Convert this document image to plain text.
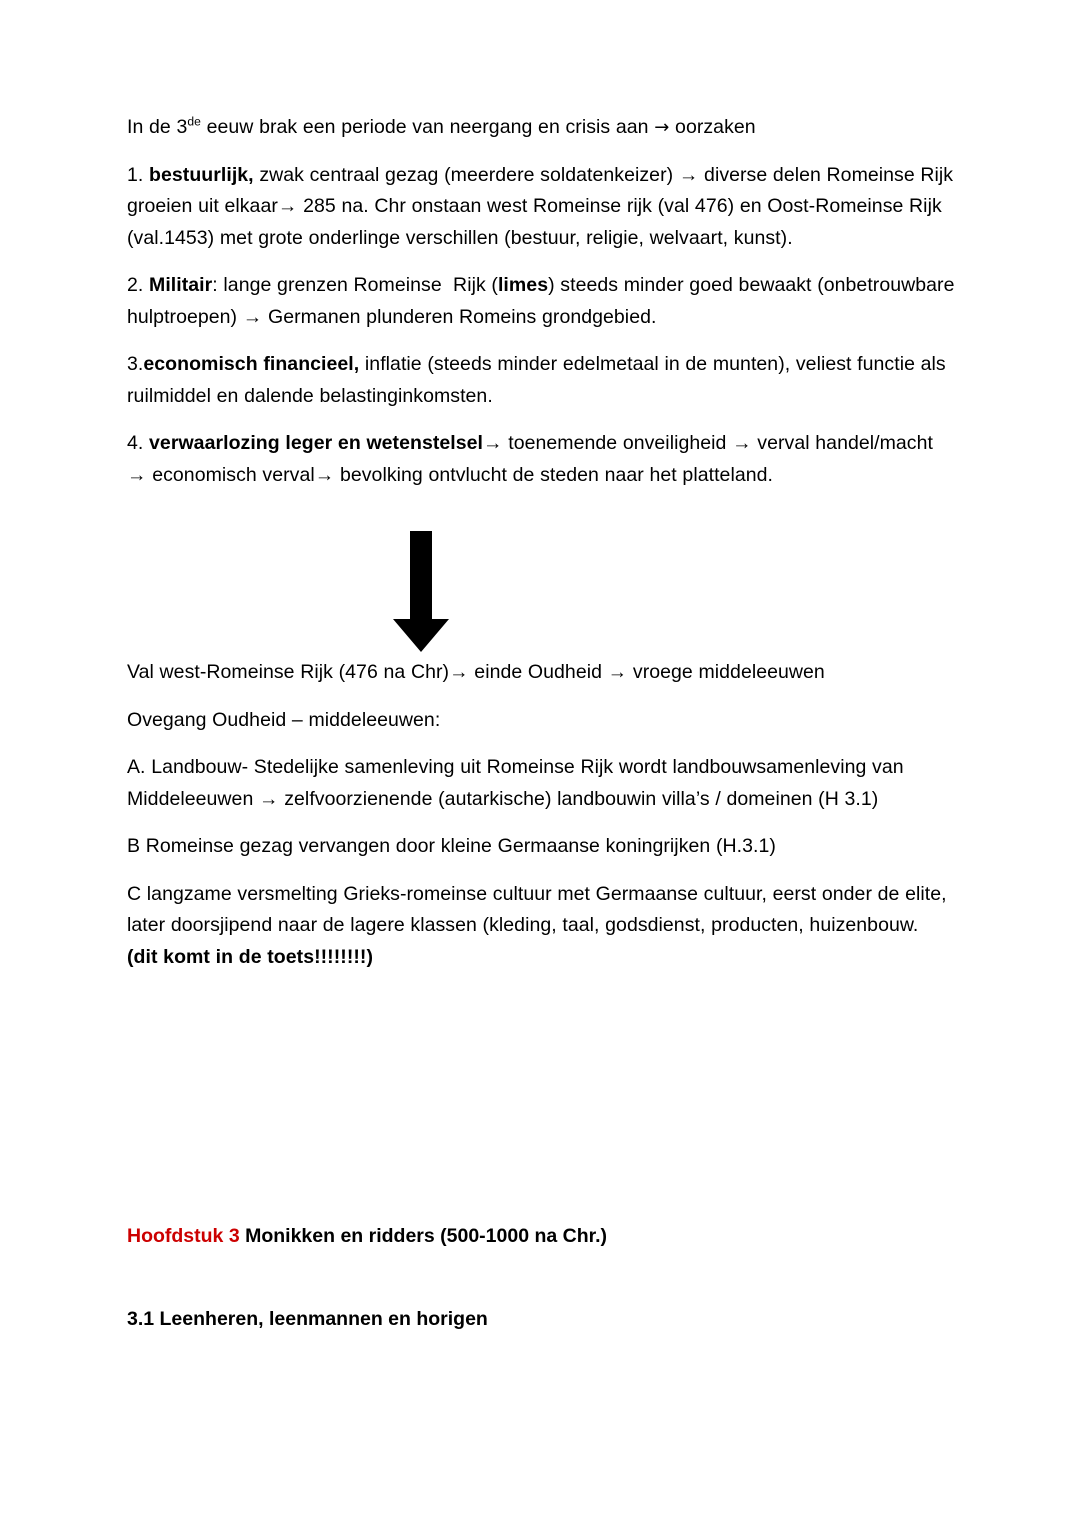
In de 3de eeuw brak een periode van neergang en crisis aan → oorzaken

1. bestuurlijk, zwak centraal gezag (meerdere soldatenkeizer) → diverse delen Romeinse Rijk groeien uit elkaar→ 285 na. Chr onstaan west Romeinse rijk (val 476) en Oost-Romeinse Rijk (val.1453) met grote onderlinge verschillen (bestuur, religie, welvaart, kunst).

2. Militair: lange grenzen Romeinse  Rijk (limes) steeds minder goed bewaakt (onbetrouwbare hulptroepen) → Germanen plunderen Romeins grondgebied.

3.economisch financieel, inflatie (steeds minder edelmetaal in de munten), veliest functie als ruilmiddel en dalende belastinginkomsten.

4. verwaarlozing leger en wetenstelsel→ toenemende onveiligheid → verval handel/macht → economisch verval→ bevolking ontvlucht de steden naar het platteland.

Val west-Romeinse Rijk (476 na Chr)→ einde Oudheid → vroege middeleeuwen

Ovegang Oudheid – middeleeuwen:

A. Landbouw- Stedelijke samenleving uit Romeinse Rijk wordt landbouwsamenleving van Middeleeuwen → zelfvoorzienende (autarkische) landbouwin villa’s / domeinen (H 3.1)

B Romeinse gezag vervangen door kleine Germaanse koningrijken (H.3.1)

C langzame versmelting Grieks-romeinse cultuur met Germaanse cultuur, eerst onder de elite, later doorsjipend naar de lagere klassen (kleding, taal, godsdienst, producten, huizenbouw.
(dit komt in de toets!!!!!!!!)

Hoofdstuk 3 Monikken en ridders (500-1000 na Chr.)

3.1 Leenheren, leenmannen en horigen
